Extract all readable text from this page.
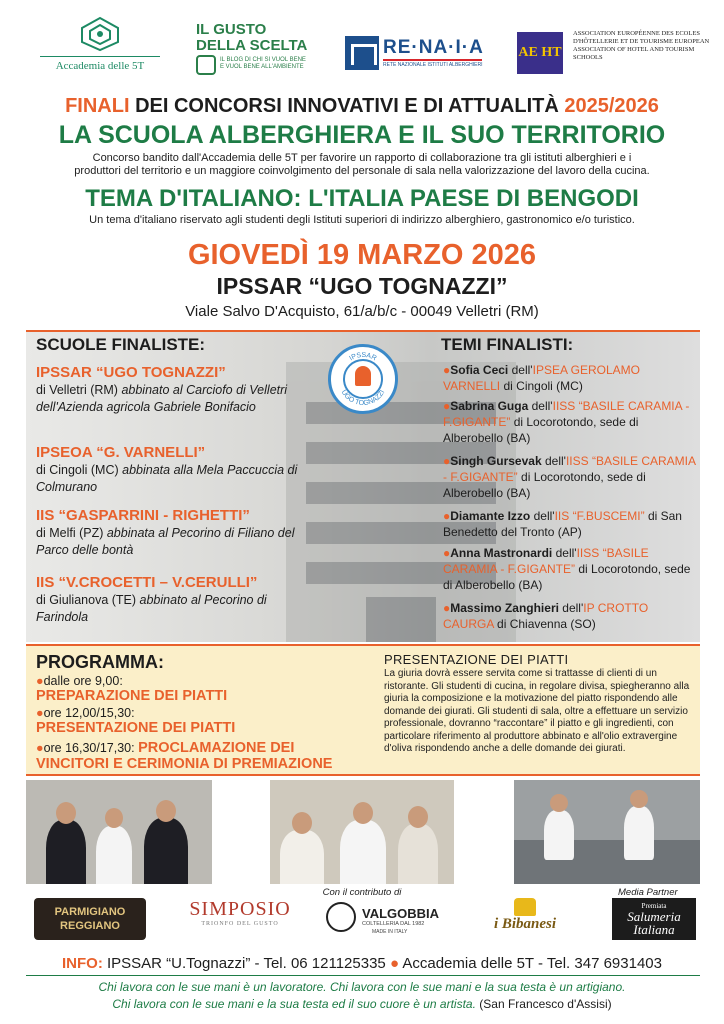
Accademia delle 5T
IL GUSTO
DELLA SCELTA
IL BLOG DI CHI SI VUOL BENE
E VUOL BENE ALL'AMBIENTE
RE·NA·I·A
RETE NAZIONALE ISTITUTI ALBERGHIERI
AE HT
ASSOCIATION EUROPÉENNE DES ECOLES D'HÔTELLERIE ET DE TOURISME EUROPEAN ASSOCIATION OF HOTEL AND TOURISM SCHOOLS
FINALI DEI CONCORSI INNOVATIVI E DI ATTUALITÀ 2025/2026
LA SCUOLA ALBERGHIERA E IL SUO TERRITORIO
Concorso bandito dall'Accademia delle 5T per favorire un rapporto di collaborazione tra gli istituti alberghieri e i
produttori del territorio e un maggiore coinvolgimento del personale di sala nella valorizzazione del lavoro della cucina.
TEMA D'ITALIANO: L'ITALIA PAESE DI BENGODI
Un tema d'italiano riservato agli studenti degli Istituti superiori di indirizzo alberghiero, gastronomico e/o turistico.
GIOVEDÌ 19 MARZO 2026
IPSSAR “UGO TOGNAZZI”
Viale Salvo D'Acquisto, 61/a/b/c - 00049 Velletri (RM)
IPSSAR
UGO TOGNAZZI
SCUOLE FINALISTE:
IPSSAR “UGO TOGNAZZI”
di Velletri (RM) abbinato al Carciofo di Velletri dell'Azienda agricola Gabriele Bonifacio
IPSEOA “G. VARNELLI”
di Cingoli (MC) abbinata alla Mela Paccuccia di Colmurano
IIS “GASPARRINI - RIGHETTI”
di Melfi (PZ) abbinata al Pecorino di Filiano del Parco delle bontà
IIS “V.CROCETTI – V.CERULLI”
di Giulianova (TE) abbinato al Pecorino di Farindola
TEMI FINALISTI:
●Sofia Ceci dell'IPSEA GEROLAMO VARNELLI di Cingoli (MC)
●Sabrina Guga dell'IISS “BASILE CARAMIA - F.GIGANTE” di Locorotondo, sede di Alberobello (BA)
●Singh Gursevak dell'IISS “BASILE CARAMIA - F.GIGANTE” di Locorotondo, sede di Alberobello (BA)
●Diamante Izzo dell'IIS “F.BUSCEMI” di San Benedetto del Tronto (AP)
●Anna Mastronardi dell'IISS “BASILE CARAMIA - F.GIGANTE” di Locorotondo, sede di Alberobello (BA)
●Massimo Zanghieri dell'IP CROTTO CAURGA di Chiavenna (SO)
PROGRAMMA:
●dalle ore 9,00:
PREPARAZIONE DEI PIATTI
●ore 12,00/15,30:
PRESENTAZIONE DEI PIATTI
●ore 16,30/17,30: PROCLAMAZIONE DEI
VINCITORI E CERIMONIA DI PREMIAZIONE
PRESENTAZIONE DEI PIATTI
La giuria dovrà essere servita come si trattasse di clienti di un ristorante. Gli studenti di cucina, in regolare divisa, spiegheranno alla giuria la composizione e la motivazione del piatto rispondendo alle domande dei giurati. Gli studenti di sala, oltre a effettuare un servizio professionale, dovranno “raccontare” il piatto e gli ingredienti, con particolare riferimento al produttore abbinato e all'olio extravergine d'oliva rispondendo anche a delle domande dei giurati.
Con il contributo di	Media Partner
PARMIGIANO
REGGIANO
SIMPOSIO
TRIONFO DEL GUSTO
VALGOBBIA
COLTELLERIA DAL 1982
MADE IN ITALY	i Bibanesi
Premiata
Salumeria Italiana
INFO: IPSSAR “U.Tognazzi” - Tel. 06 121125335 ● Accademia delle 5T - Tel. 347 6931403
Chi lavora con le sue mani è un lavoratore. Chi lavora con le sue mani e la sua testa è un artigiano.
Chi lavora con le sue mani e la sua testa ed il suo cuore è un artista. (San Francesco d'Assisi)
